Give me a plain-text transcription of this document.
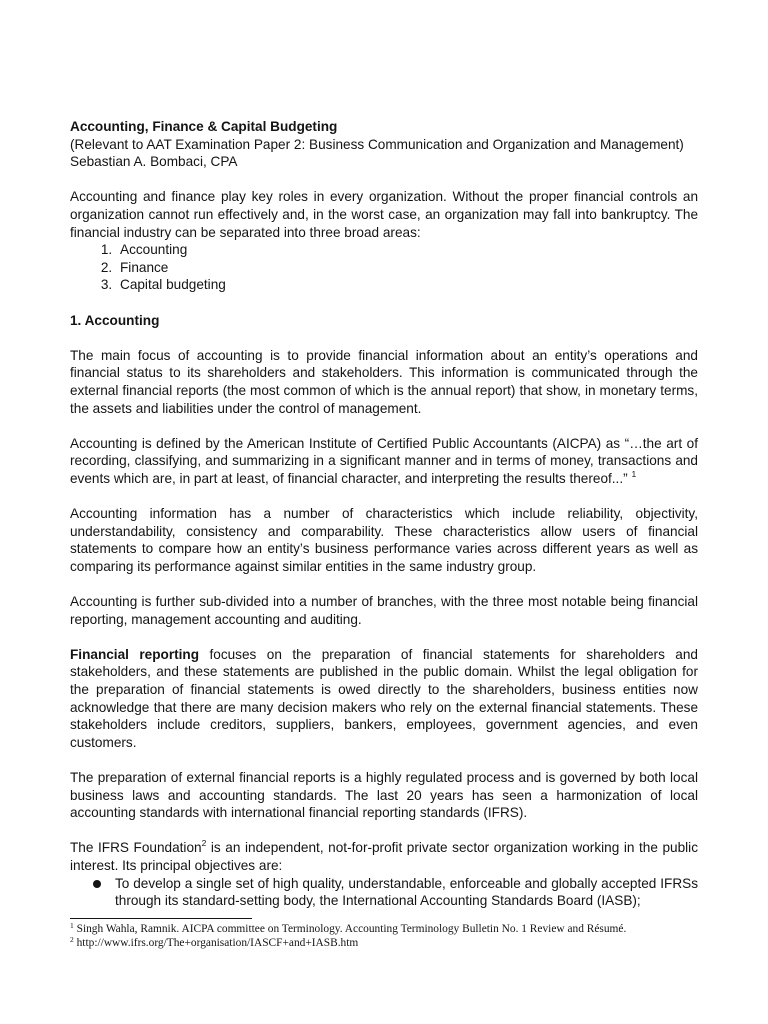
Accounting, Finance & Capital Budgeting

(Relevant to AAT Examination Paper 2: Business Communication and Organization and Management)

Sebastian A. Bombaci, CPA

Accounting and finance play key roles in every organization. Without the proper financial controls an organization cannot run effectively and, in the worst case, an organization may fall into bankruptcy. The financial industry can be separated into three broad areas:

1. Accounting
2. Finance
3. Capital budgeting

1. Accounting

The main focus of accounting is to provide financial information about an entity’s operations and financial status to its shareholders and stakeholders. This information is communicated through the external financial reports (the most common of which is the annual report) that show, in monetary terms, the assets and liabilities under the control of management.

Accounting is defined by the American Institute of Certified Public Accountants (AICPA) as “…the art of recording, classifying, and summarizing in a significant manner and in terms of money, transactions and events which are, in part at least, of financial character, and interpreting the results thereof...” $^1$

Accounting information has a number of characteristics which include reliability, objectivity, understandability, consistency and comparability. These characteristics allow users of financial statements to compare how an entity’s business performance varies across different years as well as comparing its performance against similar entities in the same industry group.

Accounting is further sub-divided into a number of branches, with the three most notable being financial reporting, management accounting and auditing.

Financial reporting focuses on the preparation of financial statements for shareholders and stakeholders, and these statements are published in the public domain. Whilst the legal obligation for the preparation of financial statements is owed directly to the shareholders, business entities now acknowledge that there are many decision makers who rely on the external financial statements. These stakeholders include creditors, suppliers, bankers, employees, government agencies, and even customers.

The preparation of external financial reports is a highly regulated process and is governed by both local business laws and accounting standards. The last 20 years has seen a harmonization of local accounting standards with international financial reporting standards (IFRS).

The IFRS Foundation$^2$ is an independent, not-for-profit private sector organization working in the public interest. Its principal objectives are:

To develop a single set of high quality, understandable, enforceable and globally accepted IFRSs through its standard-setting body, the International Accounting Standards Board (IASB);
$^1$ Singh Wahla, Ramnik. AICPA committee on Terminology. Accounting Terminology Bulletin No. 1 Review and Résumé.
$^2$ http://www.ifrs.org/The+organisation/IASCF+and+IASB.htm
